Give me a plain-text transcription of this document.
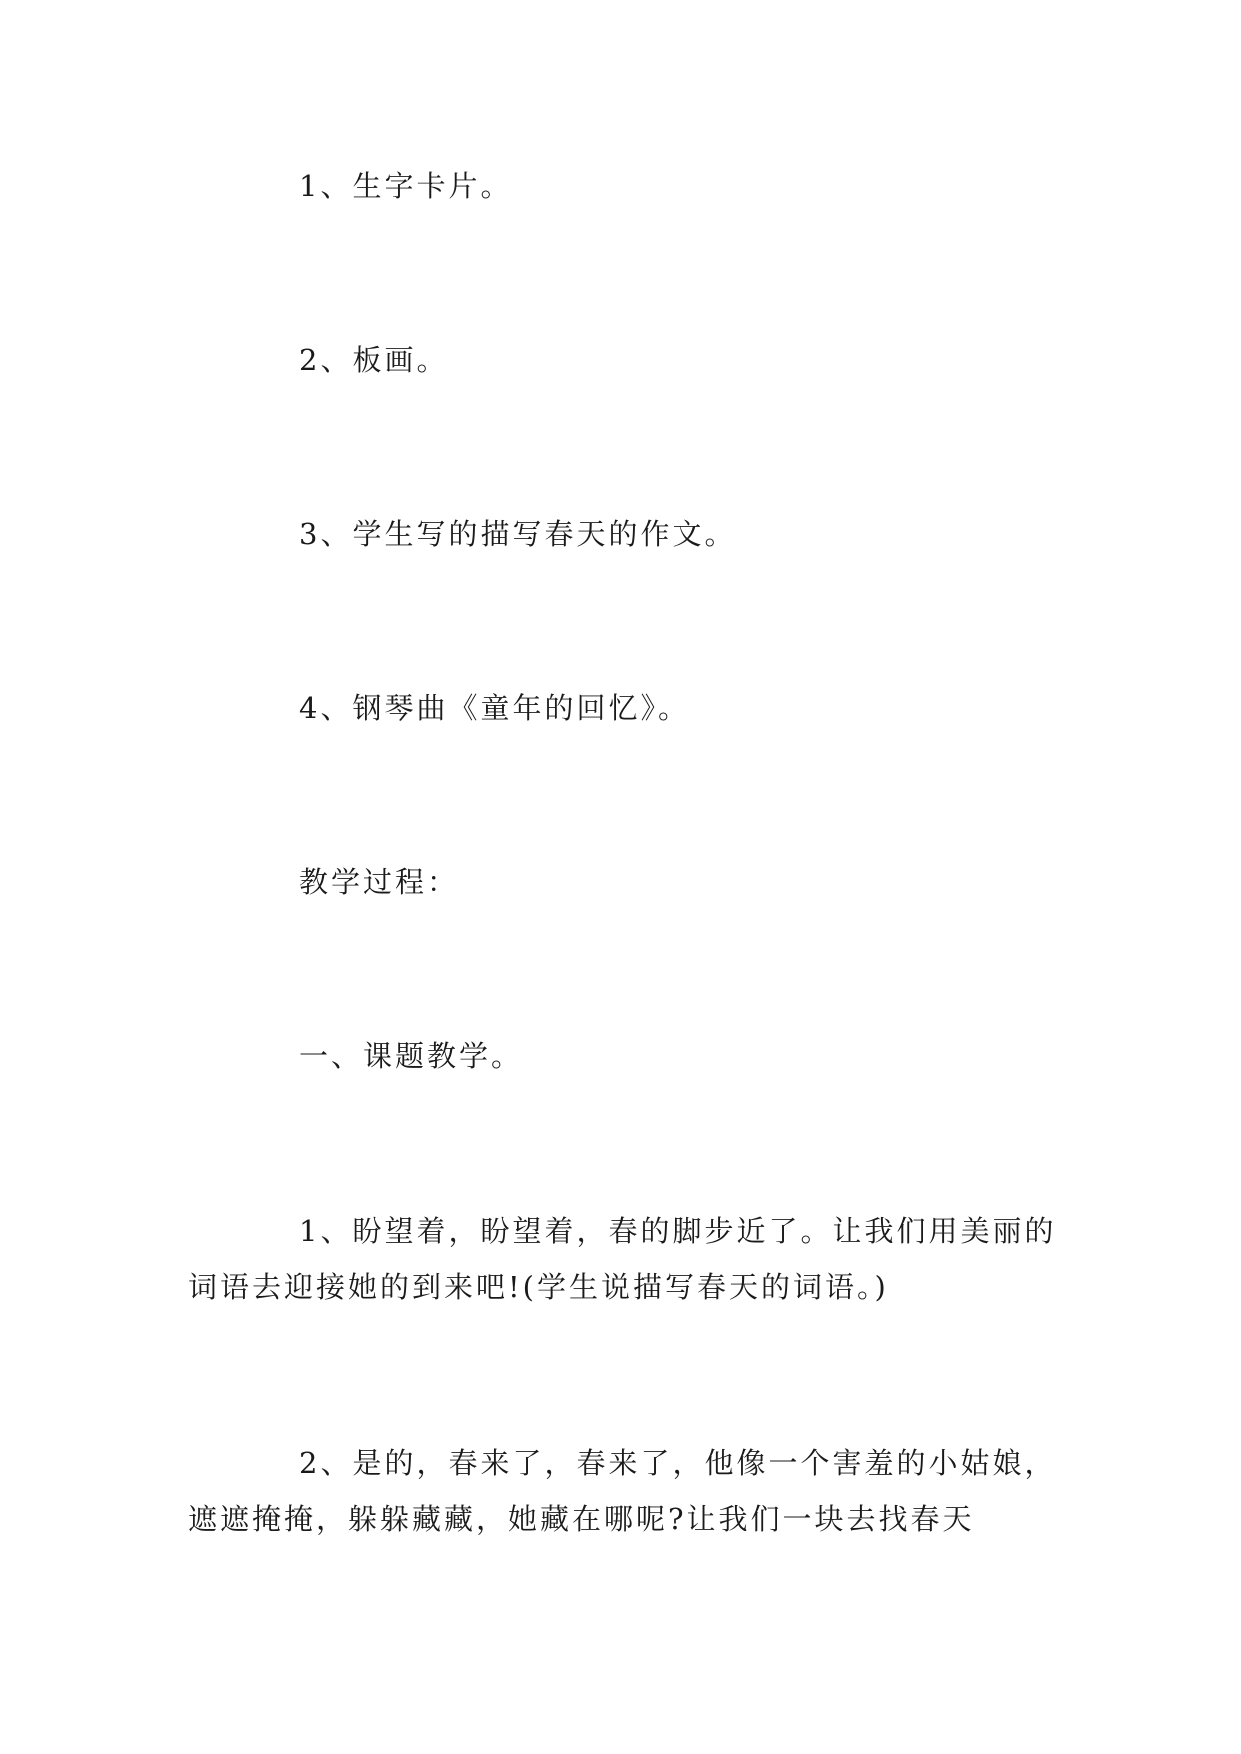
1、生字卡片。

2、板画。

3、学生写的描写春天的作文。

4、钢琴曲《童年的回忆》。

教学过程：

一、课题教学。

1、盼望着，盼望着，春的脚步近了。让我们用美丽的词语去迎接她的到来吧!(学生说描写春天的词语。)

2、是的，春来了，春来了，他像一个害羞的小姑娘，遮遮掩掩，躲躲藏藏，她藏在哪呢?让我们一块去找春天
